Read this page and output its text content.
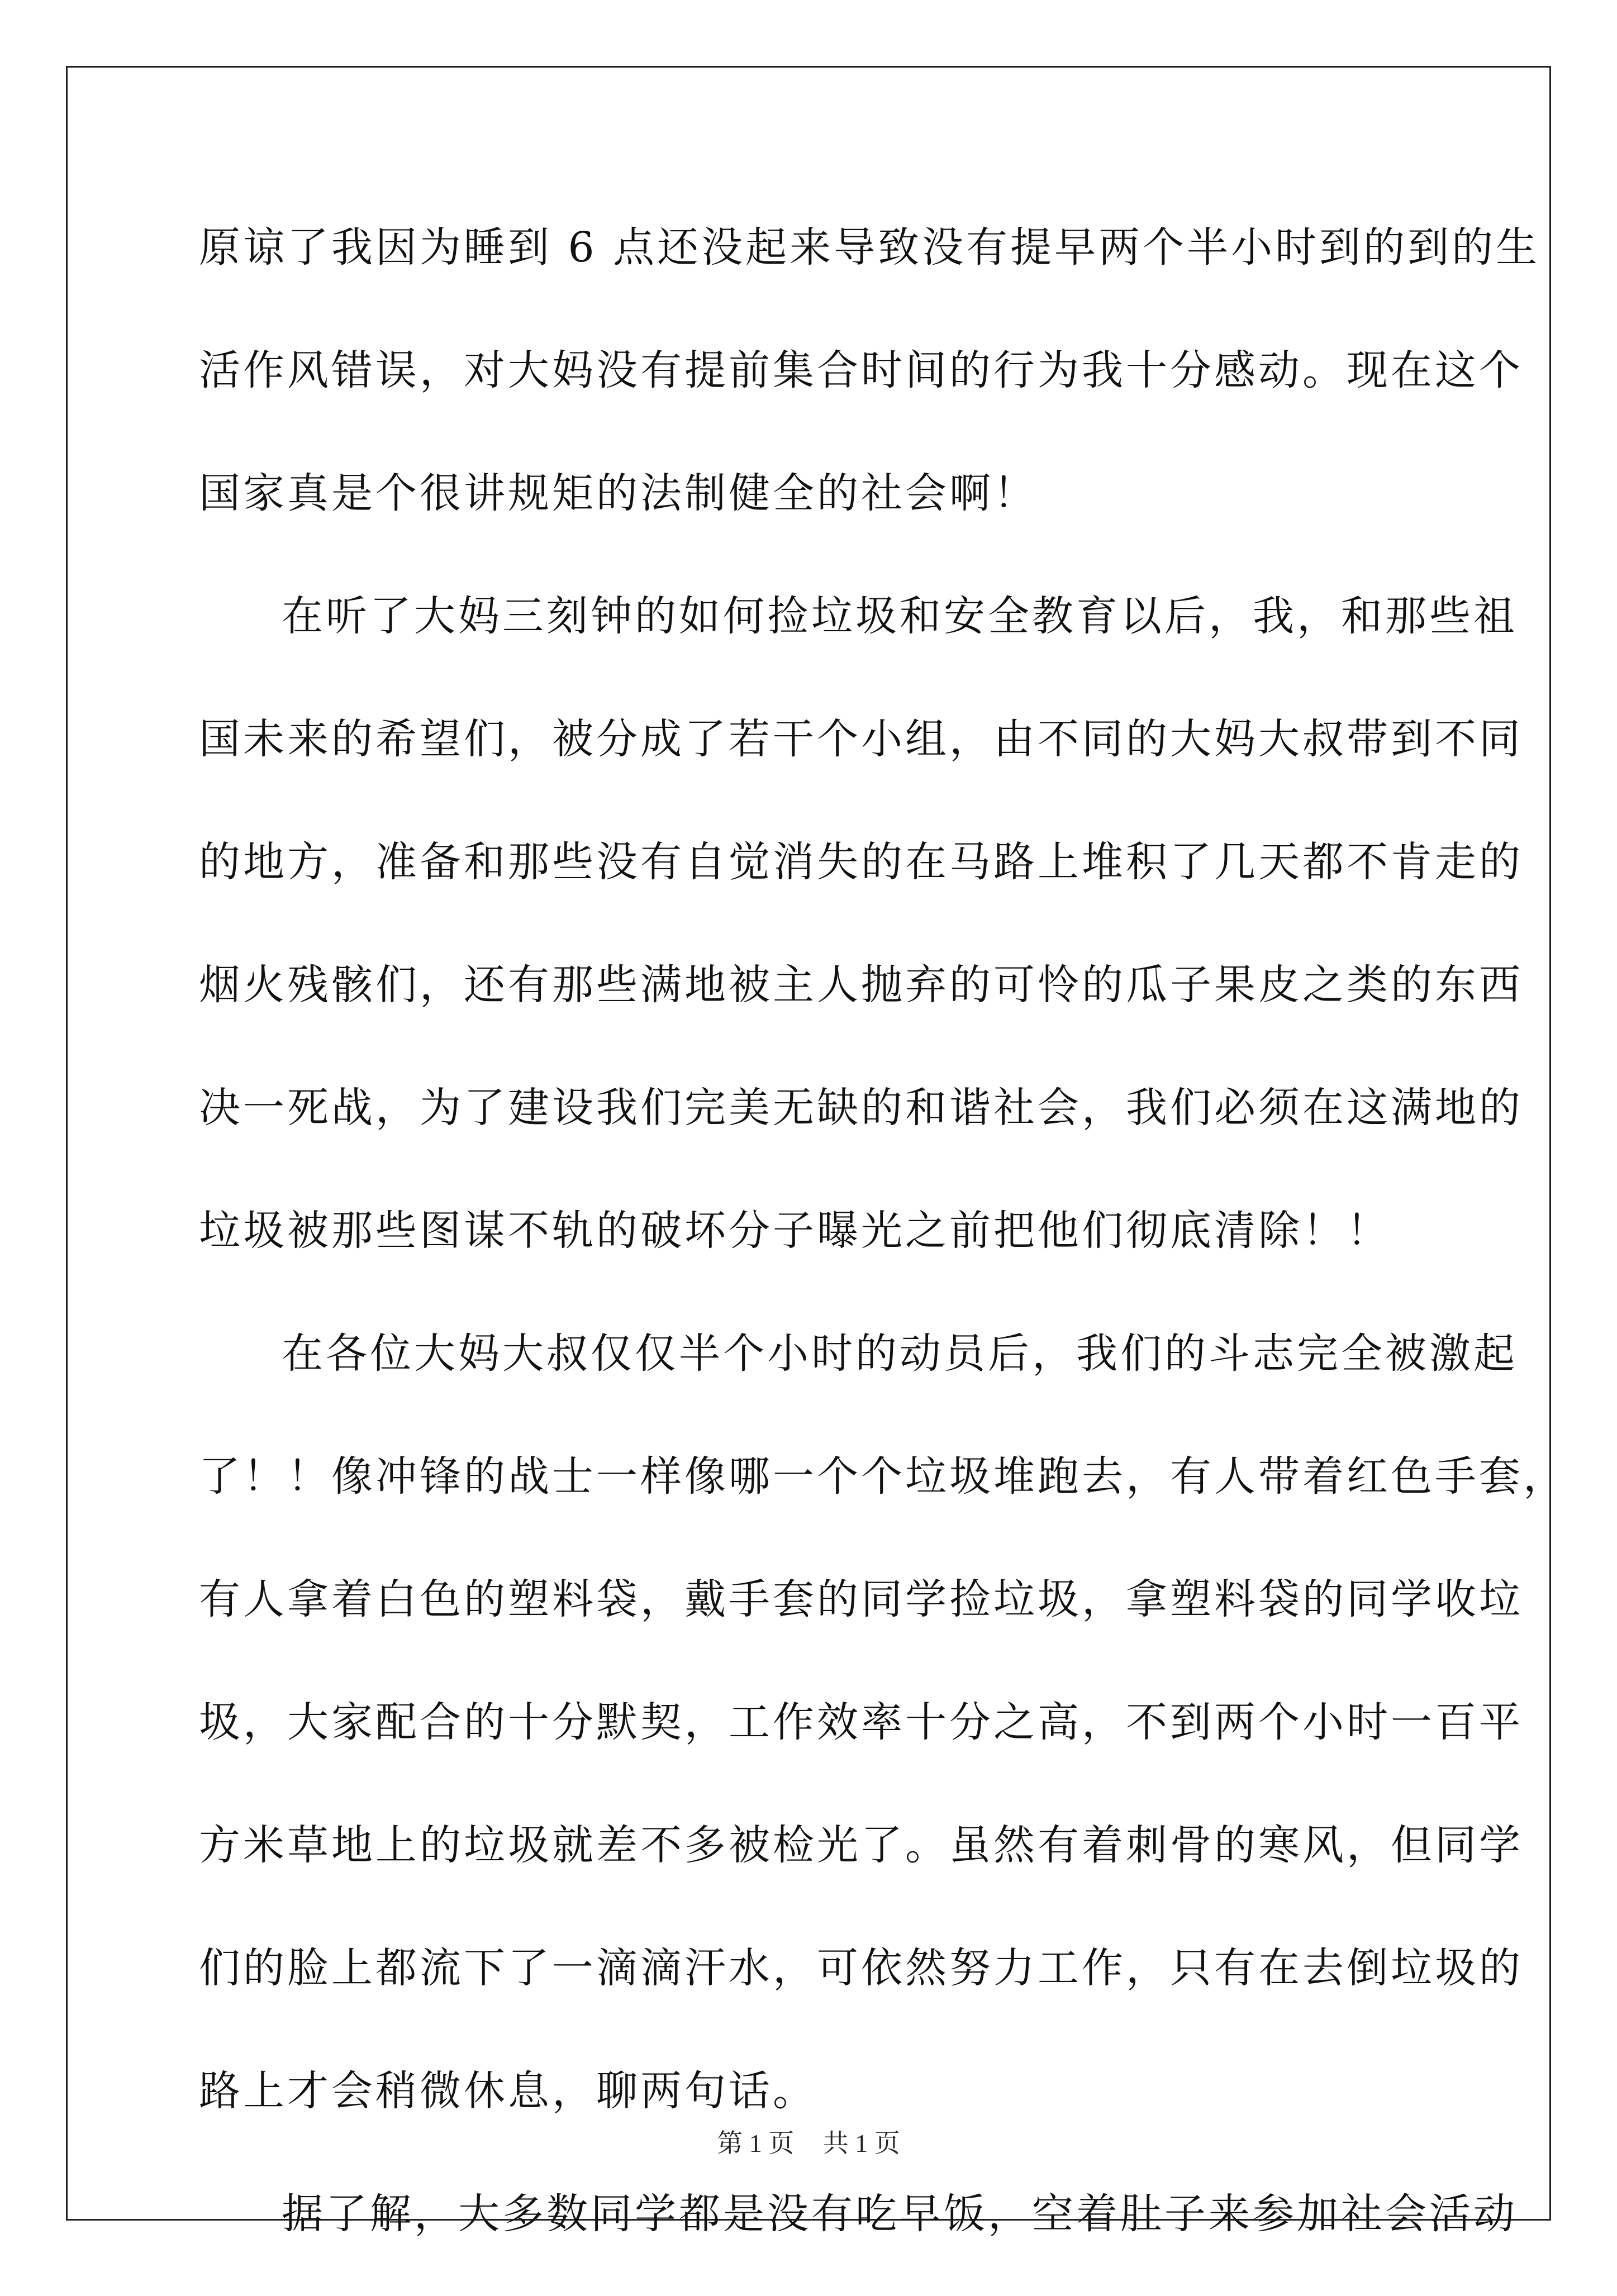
原谅了我因为睡到 6 点还没起来导致没有提早两个半小时到的到的生
活作风错误，对大妈没有提前集合时间的行为我十分感动。现在这个
国家真是个很讲规矩的法制健全的社会啊！
在听了大妈三刻钟的如何捡垃圾和安全教育以后，我，和那些祖
国未来的希望们，被分成了若干个小组，由不同的大妈大叔带到不同
的地方，准备和那些没有自觉消失的在马路上堆积了几天都不肯走的
烟火残骸们，还有那些满地被主人抛弃的可怜的瓜子果皮之类的东西
决一死战，为了建设我们完美无缺的和谐社会，我们必须在这满地的
垃圾被那些图谋不轨的破坏分子曝光之前把他们彻底清除！！
在各位大妈大叔仅仅半个小时的动员后，我们的斗志完全被激起
了！！像冲锋的战士一样像哪一个个垃圾堆跑去，有人带着红色手套，
有人拿着白色的塑料袋，戴手套的同学捡垃圾，拿塑料袋的同学收垃
圾，大家配合的十分默契，工作效率十分之高，不到两个小时一百平
方米草地上的垃圾就差不多被检光了。虽然有着刺骨的寒风，但同学
们的脸上都流下了一滴滴汗水，可依然努力工作，只有在去倒垃圾的
路上才会稍微休息，聊两句话。
据了解，大多数同学都是没有吃早饭，空着肚子来参加社会活动
第 1 页 共 1 页
